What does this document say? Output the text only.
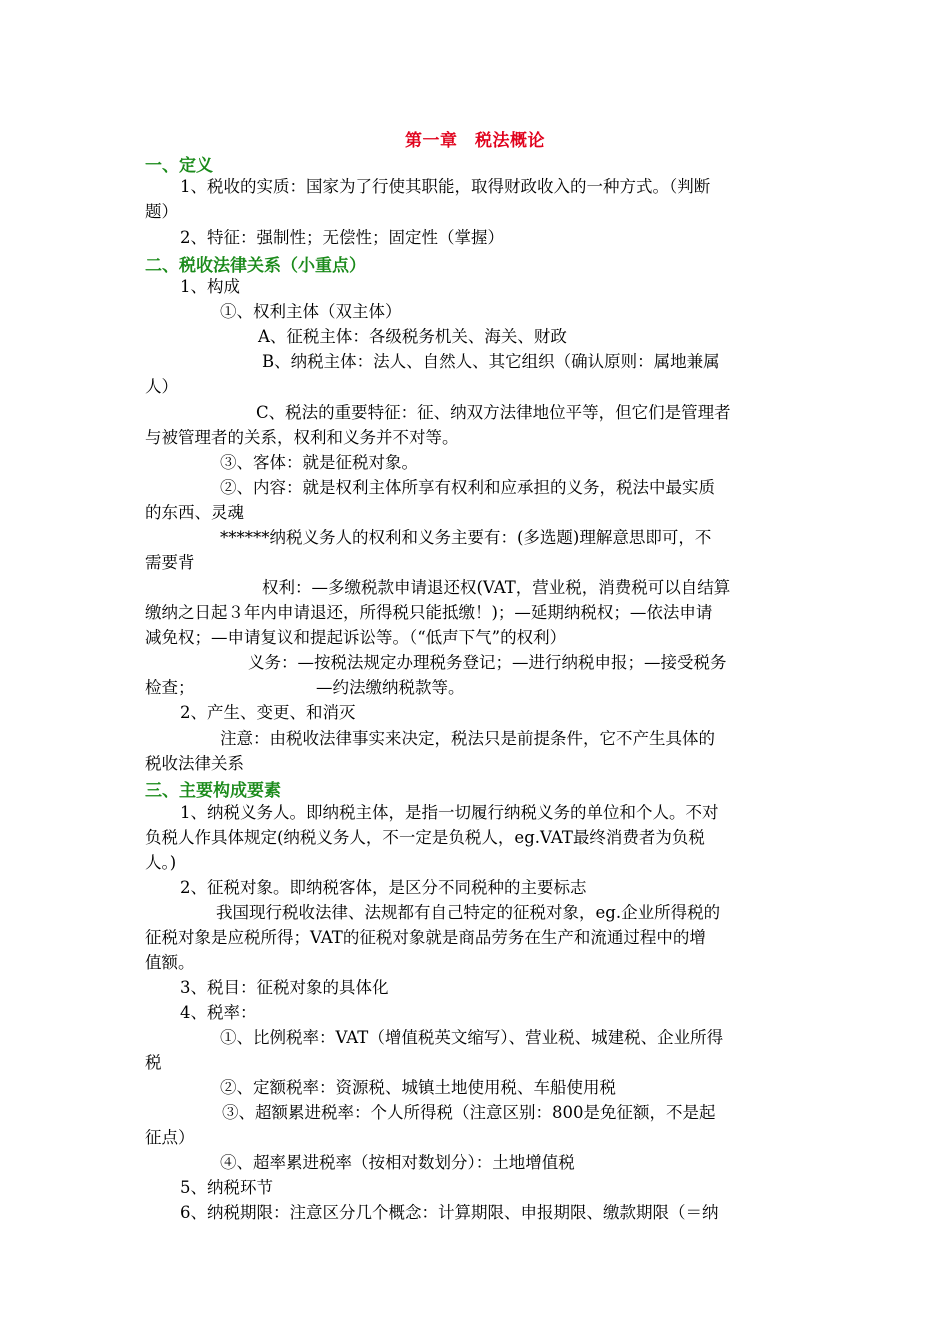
第一章　税法概论
一、定义
1、税收的实质：国家为了行使其职能，取得财政收入的一种方式。（判断
题）
2、特征：强制性；无偿性；固定性（掌握）
二、税收法律关系（小重点）
1、构成
①、权利主体（双主体）
A、征税主体：各级税务机关、海关、财政
B、纳税主体：法人、自然人、其它组织（确认原则：属地兼属
人）
C、税法的重要特征：征、纳双方法律地位平等，但它们是管理者
与被管理者的关系，权利和义务并不对等。
③、客体：就是征税对象。
②、内容：就是权利主体所享有权利和应承担的义务，税法中最实质
的东西、灵魂
******纳税义务人的权利和义务主要有：(多选题)理解意思即可，不
需要背
权利：—多缴税款申请退还权(VAT，营业税，消费税可以自结算
缴纳之日起３年内申请退还，所得税只能抵缴！)；—延期纳税权；—依法申请
减免权；—申请复议和提起诉讼等。（“低声下气”的权利）
义务：—按税法规定办理税务登记；—进行纳税申报；—接受税务
检查；	—约法缴纳税款等。
2、产生、变更、和消灭
注意：由税收法律事实来决定，税法只是前提条件，它不产生具体的
税收法律关系
三、主要构成要素
1、纳税义务人。即纳税主体，是指一切履行纳税义务的单位和个人。不对
负税人作具体规定(纳税义务人，不一定是负税人，eg.VAT最终消费者为负税
人。)
2、征税对象。即纳税客体，是区分不同税种的主要标志
我国现行税收法律、法规都有自己特定的征税对象，eg.企业所得税的
征税对象是应税所得；VAT的征税对象就是商品劳务在生产和流通过程中的增
值额。
3、税目：征税对象的具体化
4、税率：
①、比例税率：VAT（增值税英文缩写）、营业税、城建税、企业所得
税
②、定额税率：资源税、城镇土地使用税、车船使用税
③、超额累进税率：个人所得税（注意区别：800是免征额，不是起
征点）
④、超率累进税率（按相对数划分）：土地增值税
5、纳税环节
6、纳税期限：注意区分几个概念：计算期限、申报期限、缴款期限（＝纳
